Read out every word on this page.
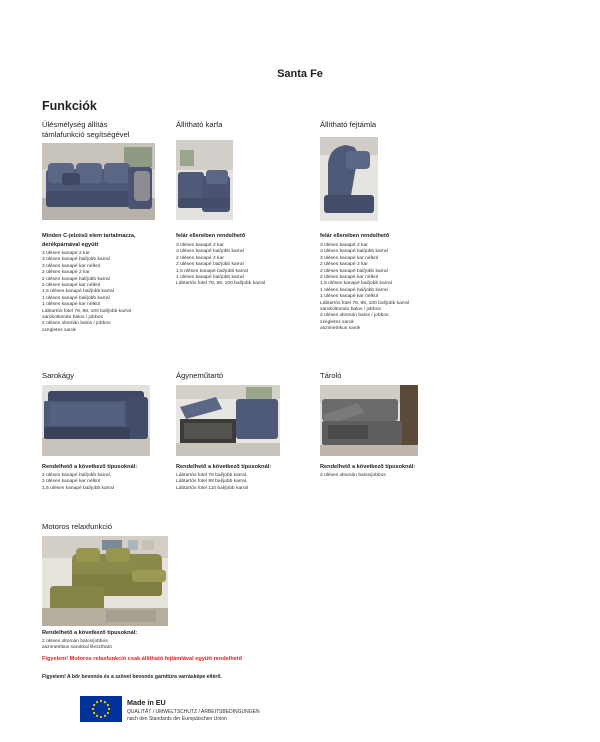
Santa Fe
Funkciók
Ülésmélység állítás
támlafunkció segítségével
Minden C-jelzésű elem tartalmazza,
derékpárnával együtt
3 üléses kanapé 2 kar
3 üléses kanapé bal/jobb karral
3 üléses kanapé kar nélkül
2 üléses kanapé 2 kar
2 üléses kanapé bal/jobb karral
2 üléses kanapé kar nélkül
1,5 üléses kanapé bal/jobb karral
1 üléses kanapé bal/jobb karral
1 üléses kanapé kar nélkül
Lábtartós fotel 78, 88, 100 bal/jobb karral
sarokoltomán balos / jobbos
2 üléses oltomán balos / jobbos
szegletes sarok
Állítható karfa
felár ellenében rendelhető
3 üléses kanapé 2 kar
3 üléses kanapé bal/jobb karral
2 üléses kanapé 2 kar
2 üléses kanapé bal/jobb karral
1,5 üléses kanapé bal/jobb karral
1 üléses kanapé bal/jobb karral
Lábtartós fotel 78, 88, 100 bal/jobb karral
Állítható fejtámla
felár ellenében rendelhető
3 üléses kanapé 2 kar
3 üléses kanapé bal/jobb karral
3 üléses kanapé kar nélkül
2 üléses kanapé 2 kar
2 üléses kanapé bal/jobb karral
2 üléses kanapé kar nélkül
1,5 üléses kanapé bal/jobb karral
1 üléses kanapé bal/jobb karral
1 üléses kanapé kar nélkül
Lábtartós fotel 78, 88, 100 bal/jobb karral
sarokoltomán balos / jobbos
2 üléses oltomán balos / jobbos
szegletes sarok
aszimetrikus sarok
Sarokágy
Rendelhető a következő típusoknál:
2 üléses kanapé bal/jobb karral,
2 üléses kanapé kar nélkül
1,5 üléses kanapé bal/jobb karral
Ágyneműtartó
Rendelhető a következő típusoknál:
Lábtartós fotel 78 bal/jobb karral,
Lábtartós fotel 88 bal/jobb karral,
Lábtartós fotel 110 bal/jobb karral
Tároló
Rendelhető a következő típusoknál:
2 üléses oltomán balos/jobbos
Motoros relaxfunkció
Rendelhető a következő típusoknál:
2 üléses oltomán balos/jobbos
aszimetrikus sarokkal illesztható
Figyelem! Motoros relaxfunkció csak állítható fejtámlával együtt rendelhető
Figyelem! A bőr bevonós és a szövet bevonós garnitúra varrásképe eltérő.
Made in EU
QUALITÄT / UMWELTSCHUTZ / ARBEITSBEDINGUNGEN
nach den Standards der Europäischen Union
